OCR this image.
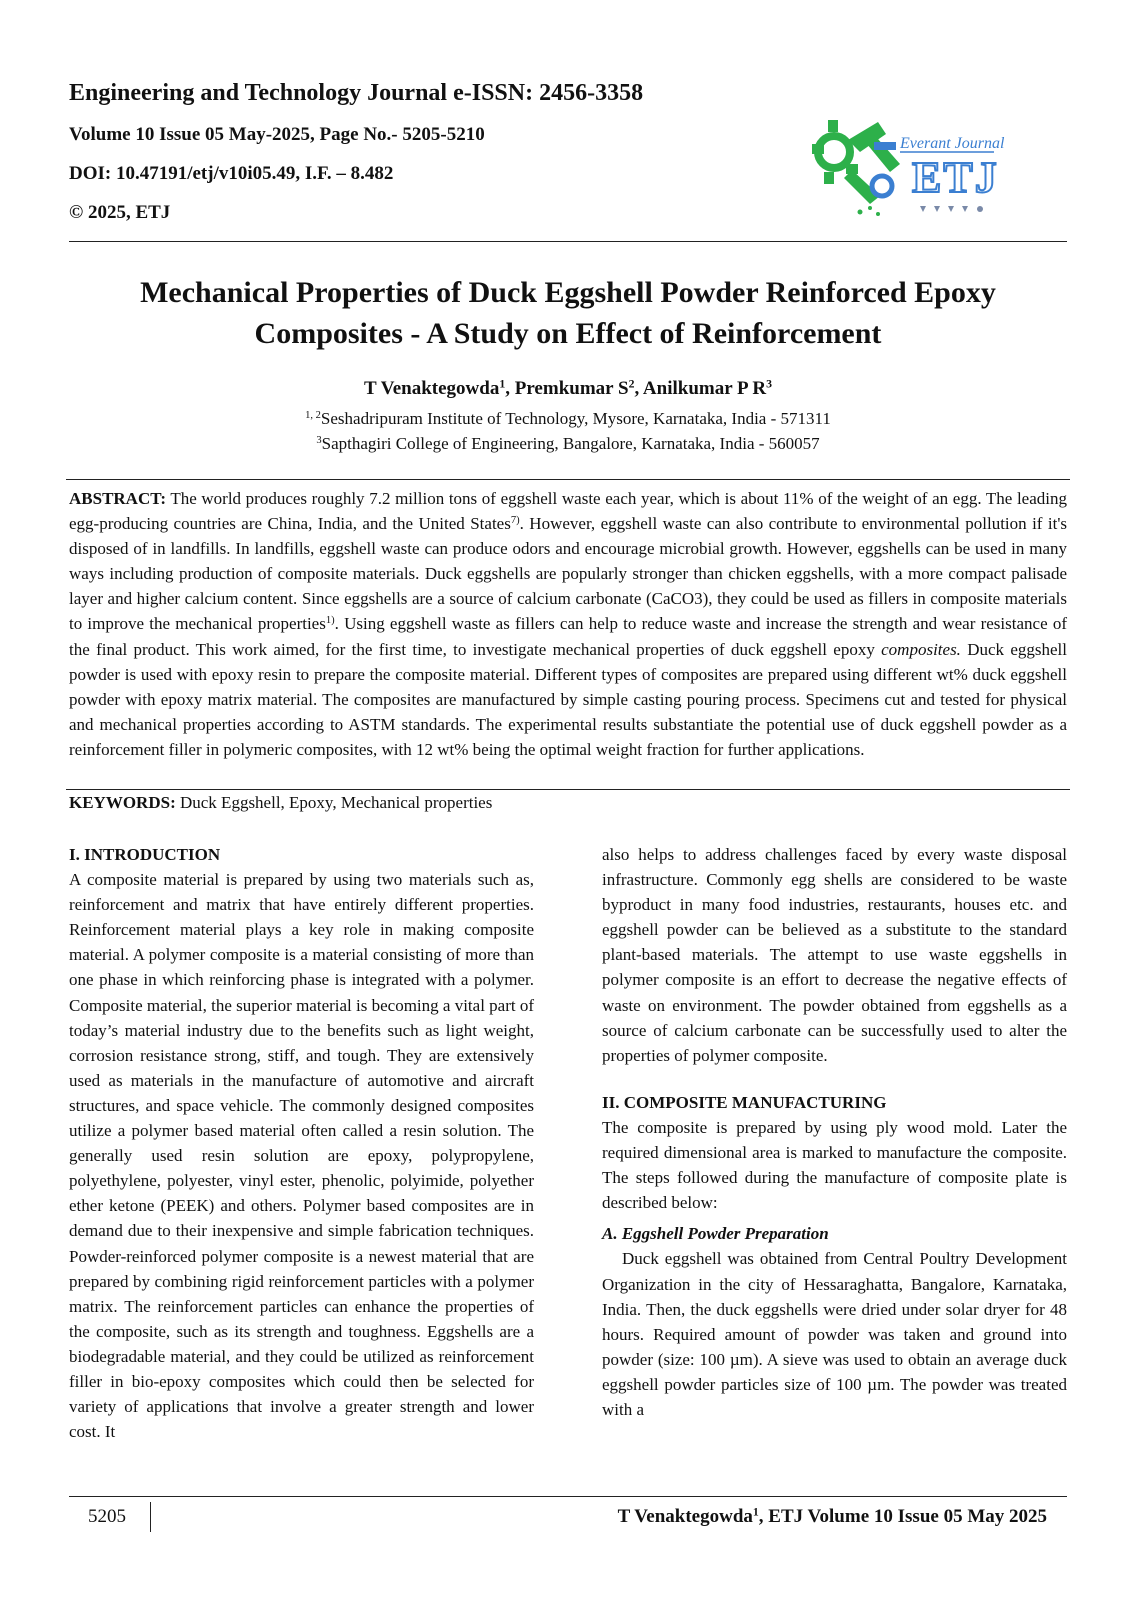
Engineering and Technology Journal e-ISSN: 2456-3358
Volume 10 Issue 05 May-2025, Page No.- 5205-5210
DOI: 10.47191/etj/v10i05.49, I.F. – 8.482
© 2025, ETJ
Everant Journal
ETJ
Mechanical Properties of Duck Eggshell Powder Reinforced Epoxy Composites - A Study on Effect of Reinforcement

T Venaktegowda$^1$, Premkumar $S^2$, Anilkumar P $R^3$

$^{1, 2}$Seshadripuram Institute of Technology, Mysore, Karnataka, India - 571311

$^3$Sapthagiri College of Engineering, Bangalore, Karnataka, India - 560057

ABSTRACT: The world produces roughly 7.2 million tons of eggshell waste each year, which is about 11% of the weight of an egg. The leading egg-producing countries are China, India, and the United States$^{7)}$. However, eggshell waste can also contribute to environmental pollution if it's disposed of in landfills. In landfills, eggshell waste can produce odors and encourage microbial growth. However, eggshells can be used in many ways including production of composite materials. Duck eggshells are popularly stronger than chicken eggshells, with a more compact palisade layer and higher calcium content. Since eggshells are a source of calcium carbonate (CaCO3), they could be used as fillers in composite materials to improve the mechanical properties$^{1)}$. Using eggshell waste as fillers can help to reduce waste and increase the strength and wear resistance of the final product. This work aimed, for the first time, to investigate mechanical properties of duck eggshell epoxy composites. Duck eggshell powder is used with epoxy resin to prepare the composite material. Different types of composites are prepared using different wt% duck eggshell powder with epoxy matrix material. The composites are manufactured by simple casting pouring process. Specimens cut and tested for physical and mechanical properties according to ASTM standards. The experimental results substantiate the potential use of duck eggshell powder as a reinforcement filler in polymeric composites, with 12 wt% being the optimal weight fraction for further applications.

KEYWORDS: Duck Eggshell, Epoxy, Mechanical properties

I. INTRODUCTION

A composite material is prepared by using two materials such as, reinforcement and matrix that have entirely different properties. Reinforcement material plays a key role in making composite material. A polymer composite is a material consisting of more than one phase in which reinforcing phase is integrated with a polymer. Composite material, the superior material is becoming a vital part of today’s material industry due to the benefits such as light weight, corrosion resistance strong, stiff, and tough. They are extensively used as materials in the manufacture of automotive and aircraft structures, and space vehicle. The commonly designed composites utilize a polymer based material often called a resin solution. The generally used resin solution are epoxy, polypropylene, polyethylene, polyester, vinyl ester, phenolic, polyimide, polyether ether ketone (PEEK) and others. Polymer based composites are in demand due to their inexpensive and simple fabrication techniques. Powder-reinforced polymer composite is a newest material that are prepared by combining rigid reinforcement particles with a polymer matrix. The reinforcement particles can enhance the properties of the composite, such as its strength and toughness. Eggshells are a biodegradable material, and they could be utilized as reinforcement filler in bio-epoxy composites which could then be selected for variety of applications that involve a greater strength and lower cost. It

also helps to address challenges faced by every waste disposal infrastructure. Commonly egg shells are considered to be waste byproduct in many food industries, restaurants, houses etc. and eggshell powder can be believed as a substitute to the standard plant-based materials. The attempt to use waste eggshells in polymer composite is an effort to decrease the negative effects of waste on environment. The powder obtained from eggshells as a source of calcium carbonate can be successfully used to alter the properties of polymer composite.

II. COMPOSITE MANUFACTURING

The composite is prepared by using ply wood mold. Later the required dimensional area is marked to manufacture the composite. The steps followed during the manufacture of composite plate is described below:

A. Eggshell Powder Preparation

Duck eggshell was obtained from Central Poultry Development Organization in the city of Hessaraghatta, Bangalore, Karnataka, India. Then, the duck eggshells were dried under solar dryer for 48 hours. Required amount of powder was taken and ground into powder (size: 100 µm). A sieve was used to obtain an average duck eggshell powder particles size of 100 µm. The powder was treated with a

5205	T Venaktegowda$^1$, ETJ Volume 10 Issue 05 May 2025
